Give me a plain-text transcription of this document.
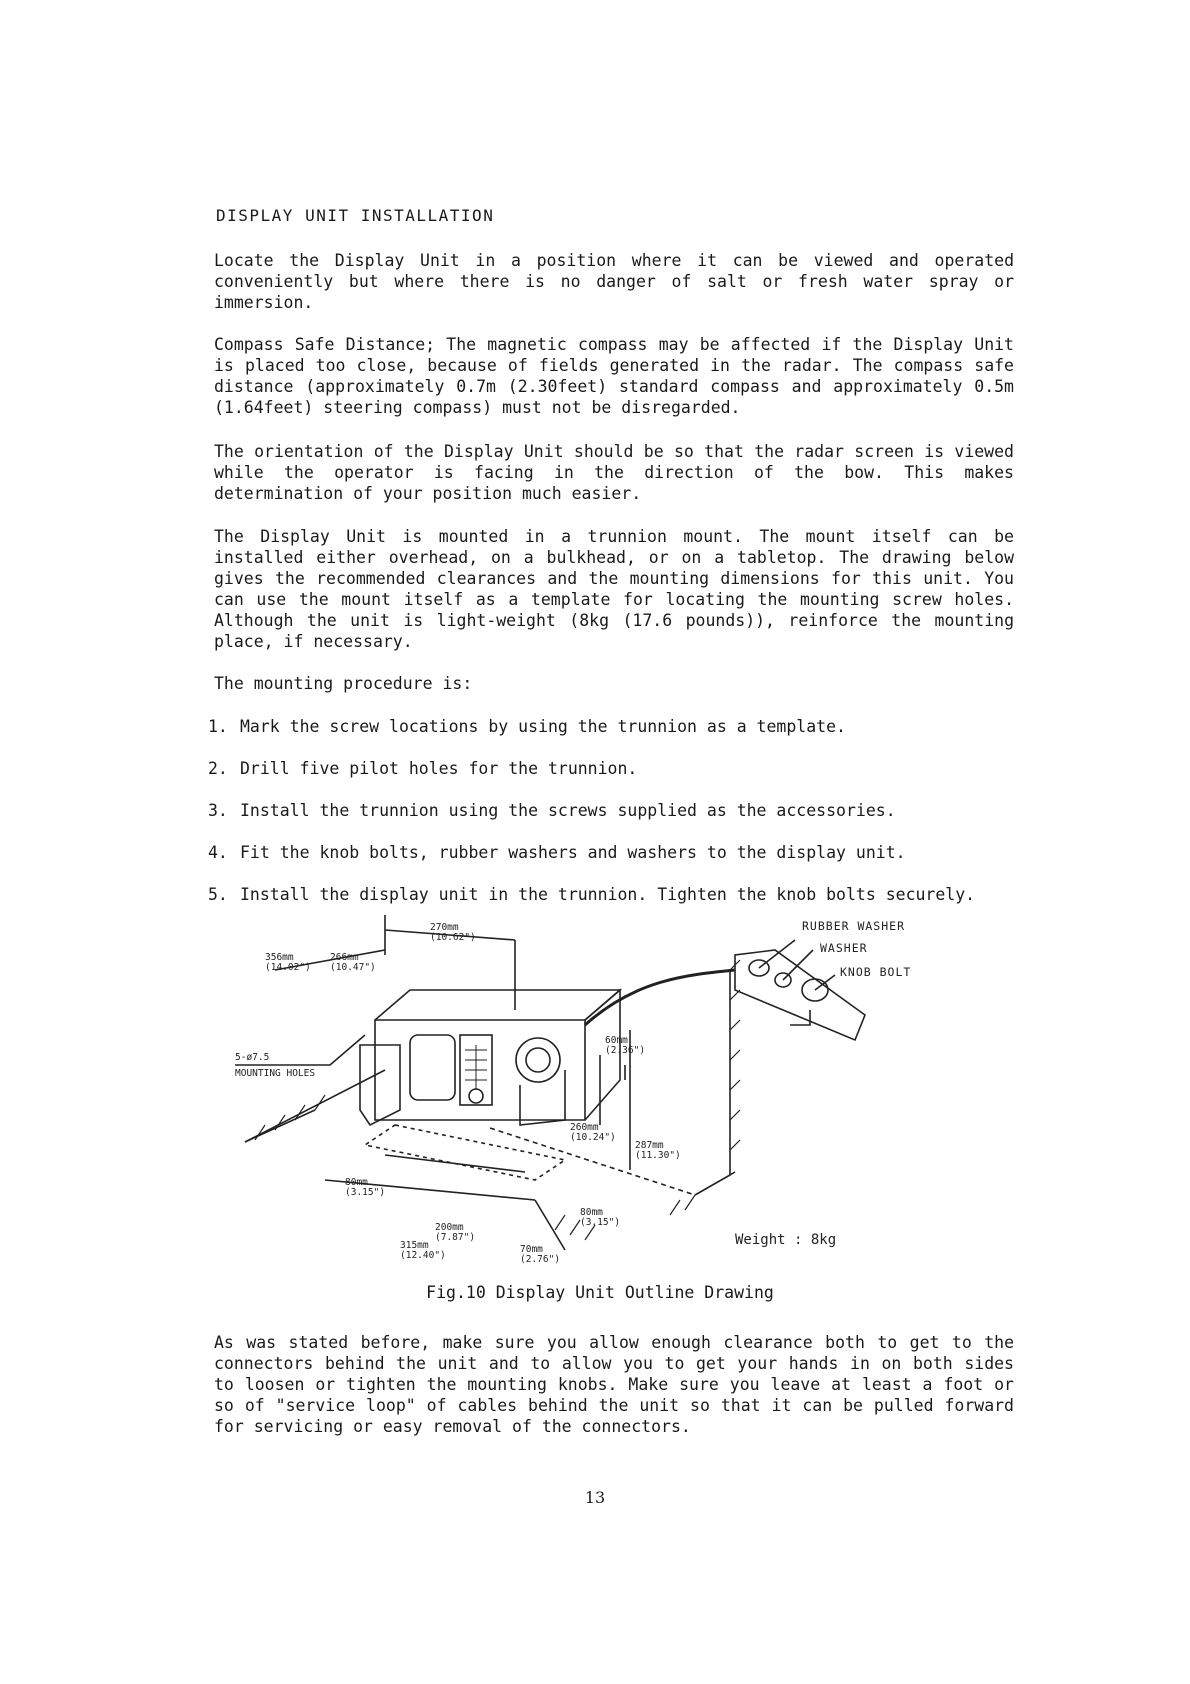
DISPLAY UNIT INSTALLATION

Locate the Display Unit in a position where it can be viewed and operated conveniently but where there is no danger of salt or fresh water spray or immersion.

Compass Safe Distance; The magnetic compass may be affected if the Display Unit is placed too close, because of fields generated in the radar. The compass safe distance (approximately 0.7m (2.30feet) standard compass and approximately 0.5m (1.64feet) steering compass) must not be disregarded.

The orientation of the Display Unit should be so that the radar screen is viewed while the operator is facing in the direction of the bow. This makes determination of your position much easier.

The Display Unit is mounted in a trunnion mount. The mount itself can be installed either overhead, on a bulkhead, or on a tabletop. The drawing below gives the recommended clearances and the mounting dimensions for this unit. You can use the mount itself as a template for locating the mounting screw holes. Although the unit is light-weight (8kg (17.6 pounds)), reinforce the mounting place, if necessary.

The mounting procedure is:

1. Mark the screw locations by using the trunnion as a template.

2. Drill five pilot holes for the trunnion.

3. Install the trunnion using the screws supplied as the accessories.

4. Fit the knob bolts, rubber washers and washers to the display unit.

5. Install the display unit in the trunnion. Tighten the knob bolts securely.

270mm
(10.62")
356mm
(14.02")
266mm
(10.47")
60mm
(2.36")
260mm
(10.24")
287mm
(11.30")
5-ø7.5
MOUNTING HOLES
80mm
(3.15")
200mm
(7.87")
315mm
(12.40")
80mm
(3.15")
70mm
(2.76")
RUBBER WASHER
WASHER
KNOB BOLT
Weight : 8kg
Fig.10 Display Unit Outline Drawing

As was stated before, make sure you allow enough clearance both to get to the connectors behind the unit and to allow you to get your hands in on both sides to loosen or tighten the mounting knobs. Make sure you leave at least a foot or so of "service loop" of cables behind the unit so that it can be pulled forward for servicing or easy removal of the connectors.

13
